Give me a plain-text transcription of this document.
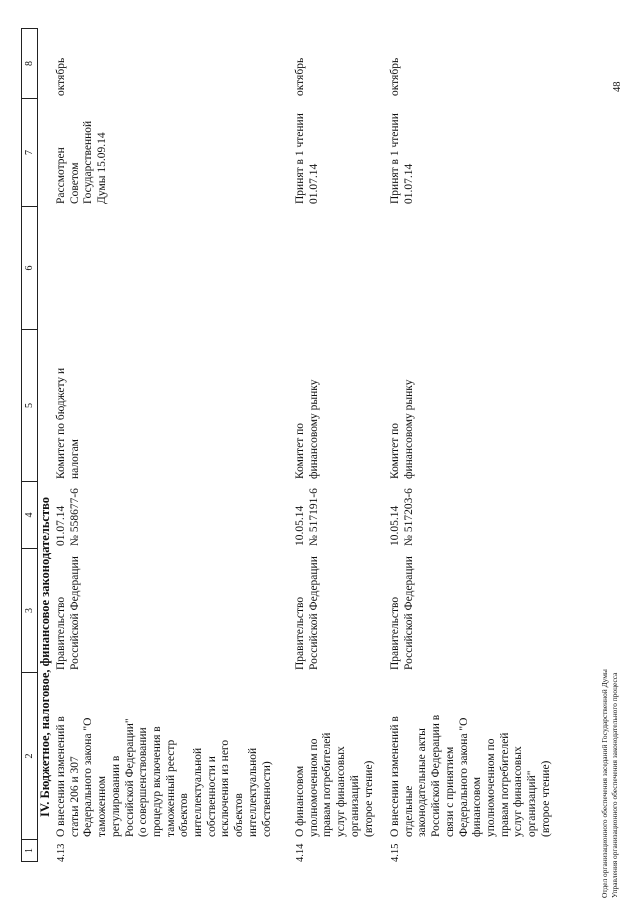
1
2
3
4
5
6
7
8
IV. Бюджетное, налоговое, финансовое законодательство
4.13
О внесении изменений в
статьи 206 и 307
Федерального закона "О
таможенном
регулировании в
Российской Федерации"
(о совершенствовании
процедур включения в
таможенный реестр
объектов
интеллектуальной
собственности и
исключения из него
объектов
интеллектуальной
собственности)
Правительство
Российской Федерации
01.07.14
№ 558677-6
Комитет по бюджету и
налогам
Рассмотрен
Советом
Государственной
Думы 15.09.14
октябрь
4.14
О финансовом
уполномоченном по
правам потребителей
услуг финансовых
организаций
(второе чтение)
Правительство
Российской Федерации
10.05.14
№ 517191-6
Комитет по
финансовому рынку
Принят в 1 чтении
01.07.14
октябрь
4.15
О внесении изменений в
отдельные
законодательные акты
Российской Федерации в
связи с принятием
Федерального закона "О
финансовом
уполномоченном по
правам потребителей
услуг финансовых
организаций"
(второе чтение)
Правительство
Российской Федерации
10.05.14
№ 517203-6
Комитет по
финансовому рынку
Принят в 1 чтении
01.07.14
октябрь
Отдел организационного обеспечения заседаний Государственной Думы Управления организационного обеспечения законодательного процесса
48
